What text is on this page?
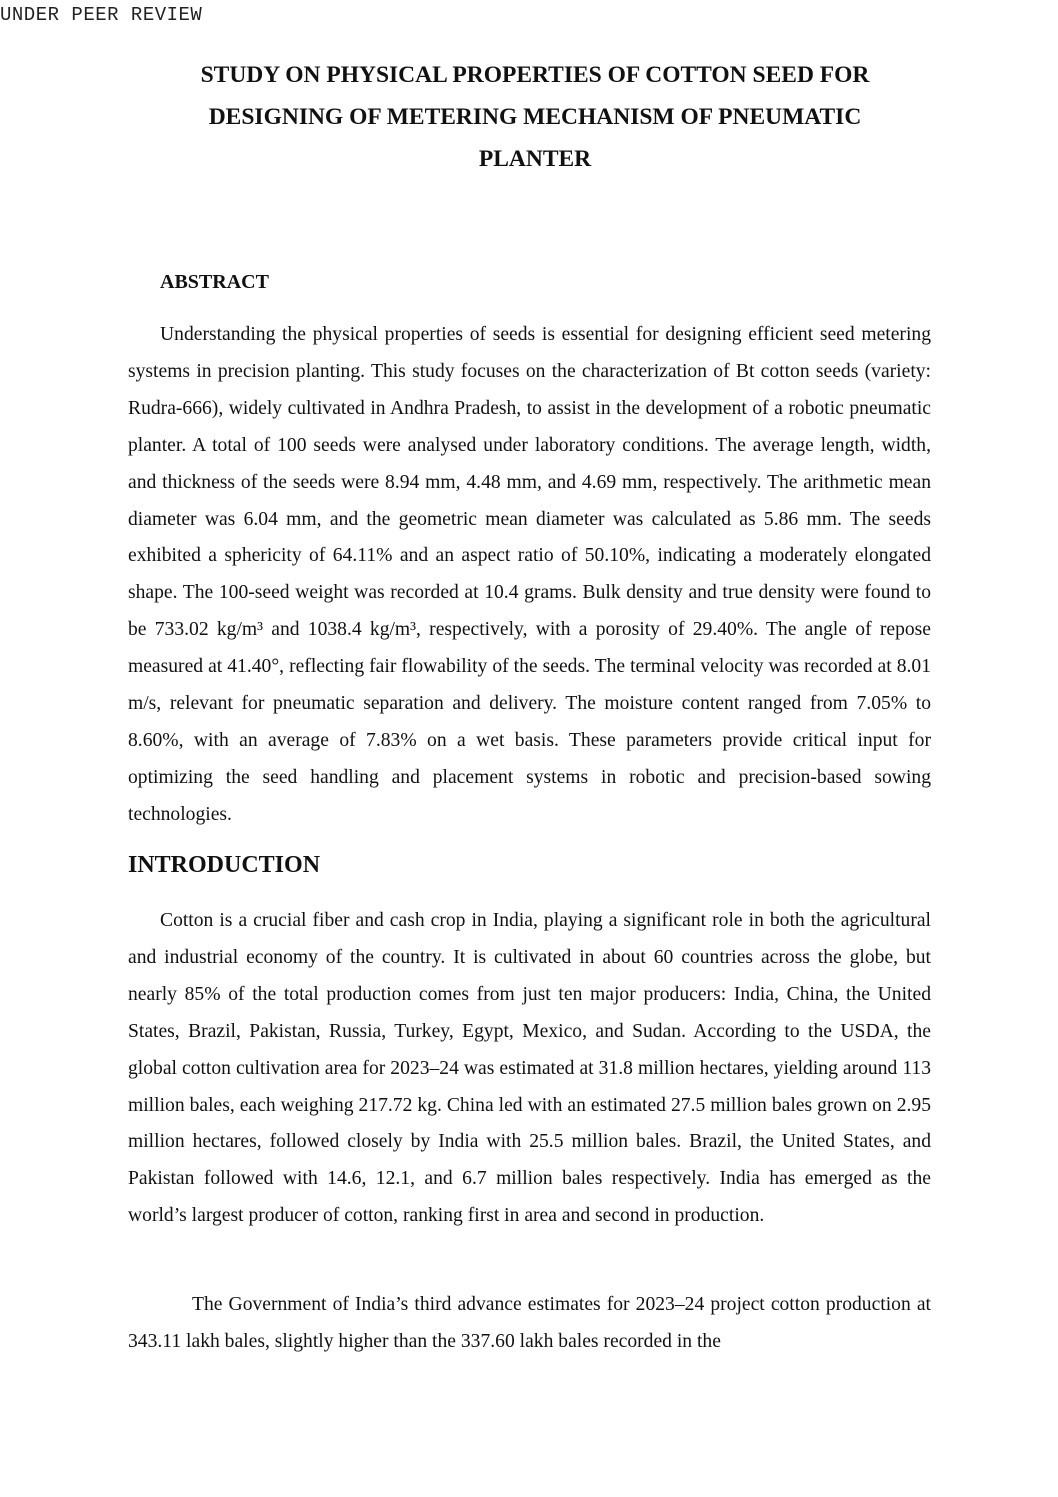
UNDER PEER REVIEW
STUDY ON PHYSICAL PROPERTIES OF COTTON SEED FOR DESIGNING OF METERING MECHANISM OF PNEUMATIC PLANTER
ABSTRACT

Understanding the physical properties of seeds is essential for designing efficient seed metering systems in precision planting. This study focuses on the characterization of Bt cotton seeds (variety: Rudra-666), widely cultivated in Andhra Pradesh, to assist in the development of a robotic pneumatic planter. A total of 100 seeds were analysed under laboratory conditions. The average length, width, and thickness of the seeds were 8.94 mm, 4.48 mm, and 4.69 mm, respectively. The arithmetic mean diameter was 6.04 mm, and the geometric mean diameter was calculated as 5.86 mm. The seeds exhibited a sphericity of 64.11% and an aspect ratio of 50.10%, indicating a moderately elongated shape. The 100-seed weight was recorded at 10.4 grams. Bulk density and true density were found to be 733.02 kg/m³ and 1038.4 kg/m³, respectively, with a porosity of 29.40%. The angle of repose measured at 41.40°, reflecting fair flowability of the seeds. The terminal velocity was recorded at 8.01 m/s, relevant for pneumatic separation and delivery. The moisture content ranged from 7.05% to 8.60%, with an average of 7.83% on a wet basis. These parameters provide critical input for optimizing the seed handling and placement systems in robotic and precision-based sowing technologies.

INTRODUCTION

Cotton is a crucial fiber and cash crop in India, playing a significant role in both the agricultural and industrial economy of the country. It is cultivated in about 60 countries across the globe, but nearly 85% of the total production comes from just ten major producers: India, China, the United States, Brazil, Pakistan, Russia, Turkey, Egypt, Mexico, and Sudan. According to the USDA, the global cotton cultivation area for 2023–24 was estimated at 31.8 million hectares, yielding around 113 million bales, each weighing 217.72 kg. China led with an estimated 27.5 million bales grown on 2.95 million hectares, followed closely by India with 25.5 million bales. Brazil, the United States, and Pakistan followed with 14.6, 12.1, and 6.7 million bales respectively. India has emerged as the world’s largest producer of cotton, ranking first in area and second in production.

The Government of India’s third advance estimates for 2023–24 project cotton production at 343.11 lakh bales, slightly higher than the 337.60 lakh bales recorded in the
